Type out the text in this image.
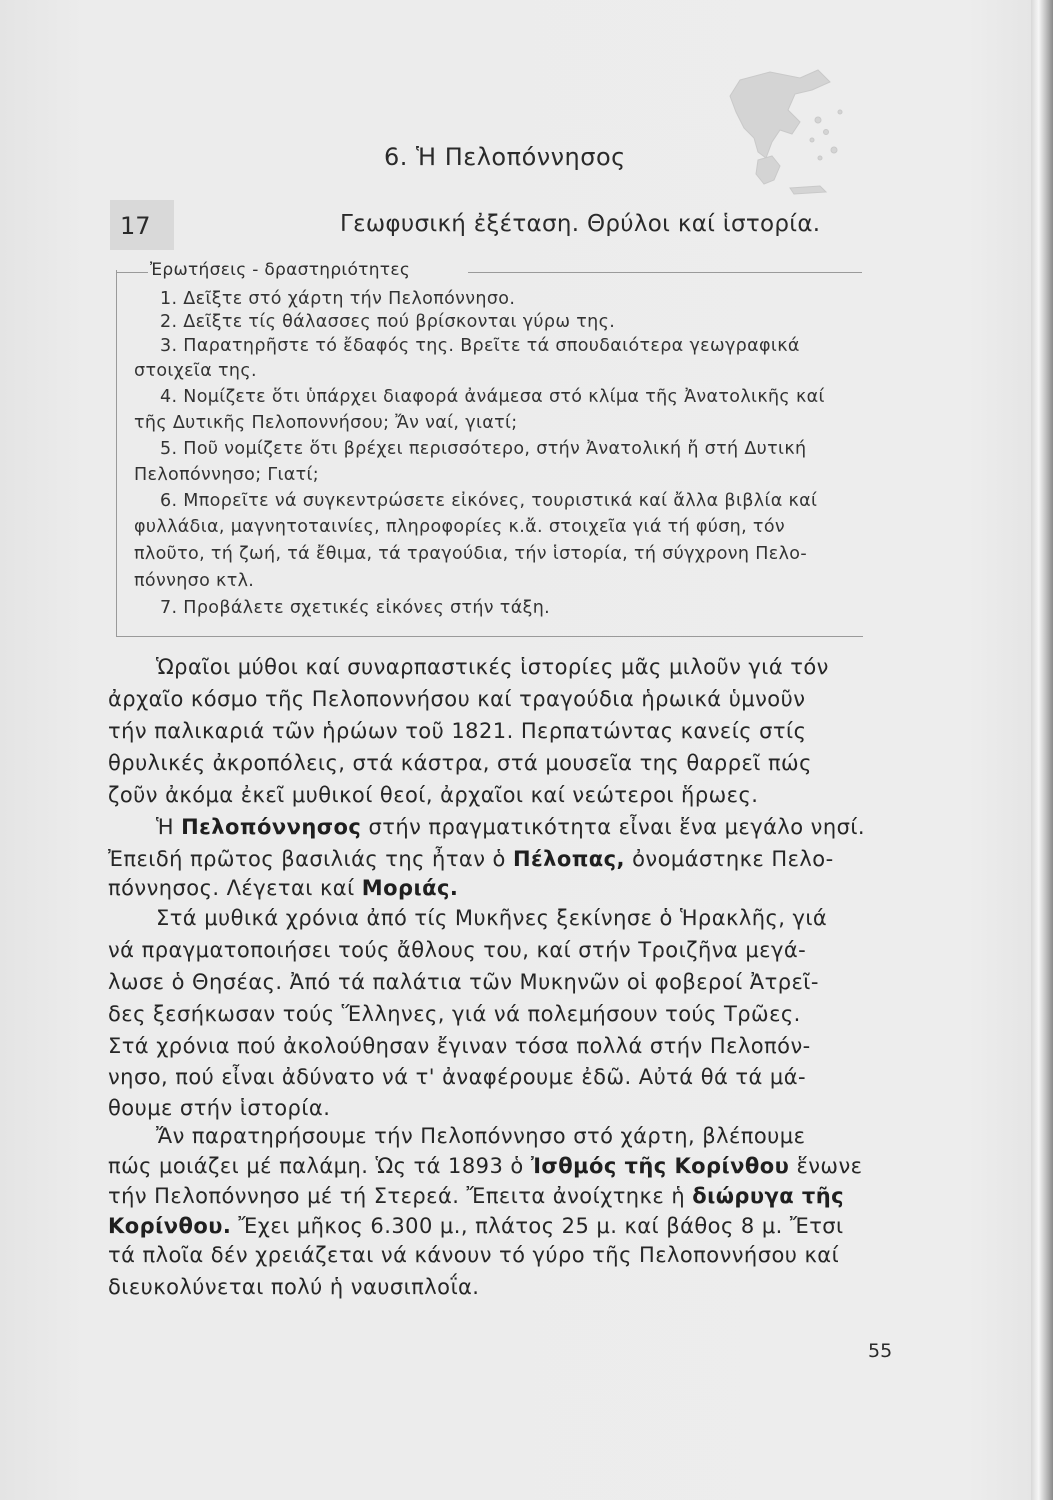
6. Ἡ Πελοπόννησος
17	Γεωφυσική ἐξέταση. Θρύλοι καί ἱστορία.
Ἐρωτήσεις - δραστηριότητες
1. Δεῖξτε στό χάρτη τήν Πελοπόννησο.
2. Δεῖξτε τίς θάλασσες πού βρίσκονται γύρω της.
3. Παρατηρῆστε τό ἔδαφός της. Βρεῖτε τά σπουδαιότερα γεωγραφικά
στοιχεῖα της.
4. Νομίζετε ὅτι ὑπάρχει διαφορά ἀνάμεσα στό κλίμα τῆς Ἀνατολικῆς καί
τῆς Δυτικῆς Πελοποννήσου; Ἄν ναί, γιατί;
5. Ποῦ νομίζετε ὅτι βρέχει περισσότερο, στήν Ἀνατολική ἤ στή Δυτική
Πελοπόννησο; Γιατί;
6. Μπορεῖτε νά συγκεντρώσετε εἰκόνες, τουριστικά καί ἄλλα βιβλία καί
φυλλάδια, μαγνητοταινίες, πληροφορίες κ.ἄ. στοιχεῖα γιά τή φύση, τόν
πλοῦτο, τή ζωή, τά ἔθιμα, τά τραγούδια, τήν ἱστορία, τή σύγχρονη Πελο-
πόννησο κτλ.
7. Προβάλετε σχετικές εἰκόνες στήν τάξη.
Ὡραῖοι μύθοι καί συναρπαστικές ἱστορίες μᾶς μιλοῦν γιά τόν
ἀρχαῖο κόσμο τῆς Πελοποννήσου καί τραγούδια ἡρωικά ὑμνοῦν
τήν παλικαριά τῶν ἡρώων τοῦ 1821. Περπατώντας κανείς στίς
θρυλικές ἀκροπόλεις, στά κάστρα, στά μουσεῖα της θαρρεῖ πώς
ζοῦν ἀκόμα ἐκεῖ μυθικοί θεοί, ἀρχαῖοι καί νεώτεροι ἥρωες.
Ἡ Πελοπόννησος στήν πραγματικότητα εἶναι ἕνα μεγάλο νησί.
Ἐπειδή πρῶτος βασιλιάς της ἦταν ὁ Πέλοπας, ὀνομάστηκε Πελο-
πόννησος. Λέγεται καί Μοριάς.
Στά μυθικά χρόνια ἀπό τίς Μυκῆνες ξεκίνησε ὁ Ἡρακλῆς, γιά
νά πραγματοποιήσει τούς ἄθλους του, καί στήν Τροιζῆνα μεγά-
λωσε ὁ Θησέας. Ἀπό τά παλάτια τῶν Μυκηνῶν οἱ φοβεροί Ἀτρεῖ-
δες ξεσήκωσαν τούς Ἕλληνες, γιά νά πολεμήσουν τούς Τρῶες.
Στά χρόνια πού ἀκολούθησαν ἔγιναν τόσα πολλά στήν Πελοπόν-
νησο, πού εἶναι ἀδύνατο νά τ' ἀναφέρουμε ἐδῶ. Αὐτά θά τά μά-
θουμε στήν ἱστορία.
Ἄν παρατηρήσουμε τήν Πελοπόννησο στό χάρτη, βλέπουμε
πώς μοιάζει μέ παλάμη. Ὡς τά 1893 ὁ Ἰσθμός τῆς Κορίνθου ἕνωνε
τήν Πελοπόννησο μέ τή Στερεά. Ἔπειτα ἀνοίχτηκε ἡ διώρυγα τῆς
Κορίνθου. Ἔχει μῆκος 6.300 μ., πλάτος 25 μ. καί βάθος 8 μ. Ἔτσι
τά πλοῖα δέν χρειάζεται νά κάνουν τό γύρο τῆς Πελοποννήσου καί
διευκολύνεται πολύ ἡ ναυσιπλοΐα.
55
